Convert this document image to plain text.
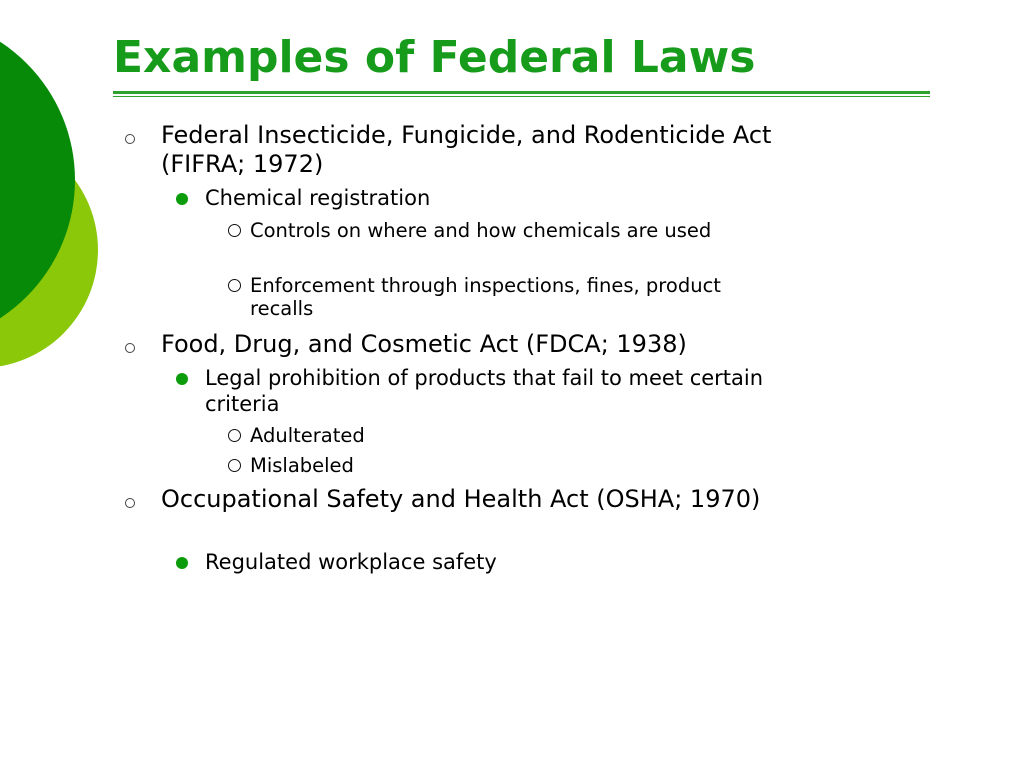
Examples of Federal Laws
Federal Insecticide, Fungicide, and Rodenticide Act (FIFRA; 1972)
Chemical registration
Controls on where and how chemicals are used
Enforcement through inspections, fines, product recalls
Food, Drug, and Cosmetic Act (FDCA; 1938)
Legal prohibition of products that fail to meet certain criteria
Adulterated
Mislabeled
Occupational Safety and Health Act (OSHA; 1970)
Regulated workplace safety
